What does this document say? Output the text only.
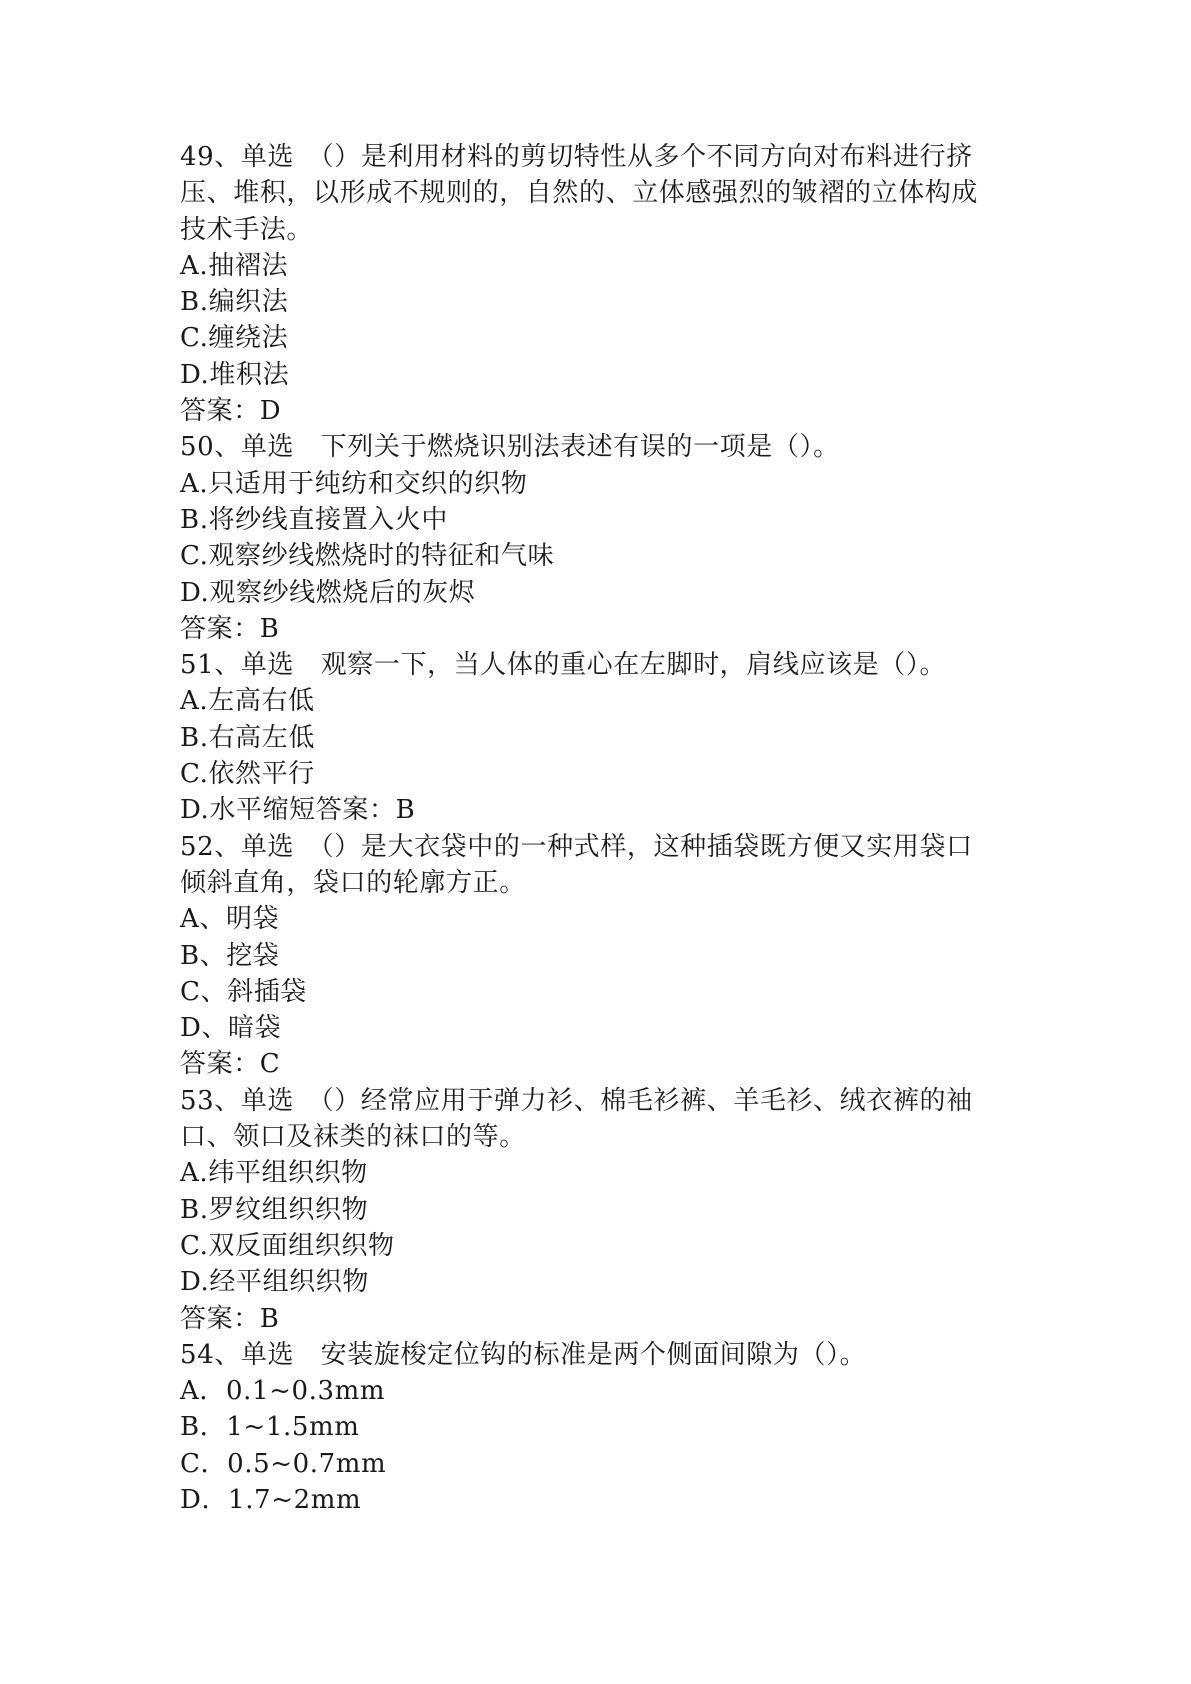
49、单选　（）是利用材料的剪切特性从多个不同方向对布料进行挤
压、堆积，以形成不规则的，自然的、立体感强烈的皱褶的立体构成
技术手法。
A.抽褶法
B.编织法
C.缠绕法
D.堆积法
答案：D
50、单选　下列关于燃烧识别法表述有误的一项是（）。
A.只适用于纯纺和交织的织物
B.将纱线直接置入火中
C.观察纱线燃烧时的特征和气味
D.观察纱线燃烧后的灰烬
答案：B
51、单选　观察一下，当人体的重心在左脚时，肩线应该是（）。
A.左高右低
B.右高左低
C.依然平行
D.水平缩短答案：B
52、单选　（）是大衣袋中的一种式样，这种插袋既方便又实用袋口
倾斜直角，袋口的轮廓方正。
A、明袋
B、挖袋
C、斜插袋
D、暗袋
答案：C
53、单选　（）经常应用于弹力衫、棉毛衫裤、羊毛衫、绒衣裤的袖
口、领口及袜类的袜口的等。
A.纬平组织织物
B.罗纹组织织物
C.双反面组织织物
D.经平组织织物
答案：B
54、单选　安装旋梭定位钩的标准是两个侧面间隙为（）。
A．0.1~0.3mm
B．1~1.5mm
C．0.5~0.7mm
D．1.7~2mm
